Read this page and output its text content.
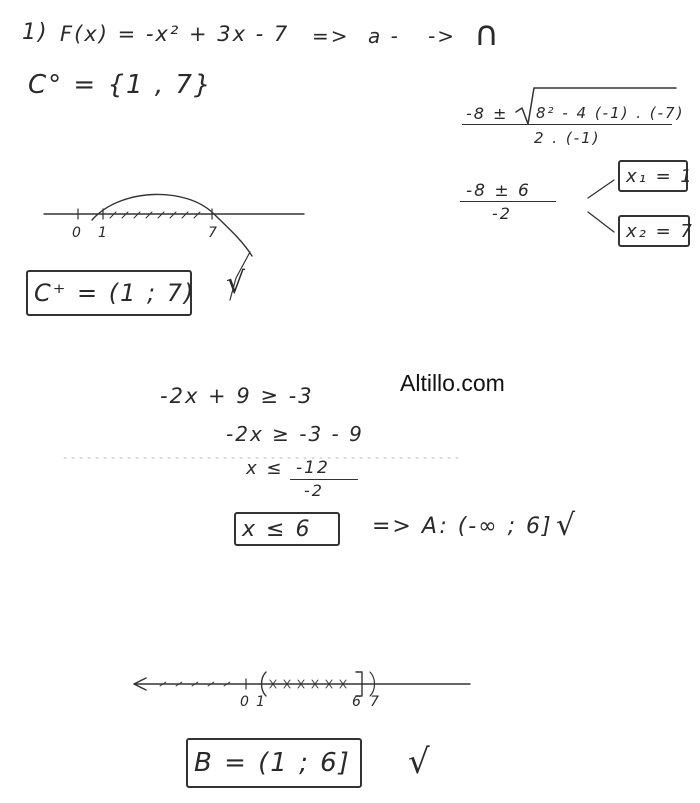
1) F(x) = -x² + 3x - 7 => a - -> ∩
C° = {1 , 7}
-8 ± 8² - 4 (-1) . (-7)
2 . (-1)
-8 ± 6
-2
x₁ = 1
x₂ = 7
0 1	7
C⁺ = (1 ; 7)
Altillo.com
-2x + 9 ≥ -3
-2x ≥ -3 - 9
x ≤ -12
-2
x ≤ 6	=> A: (-∞ ; 6]
0 1	6 7
B = (1 ; 6]
√
√
√
